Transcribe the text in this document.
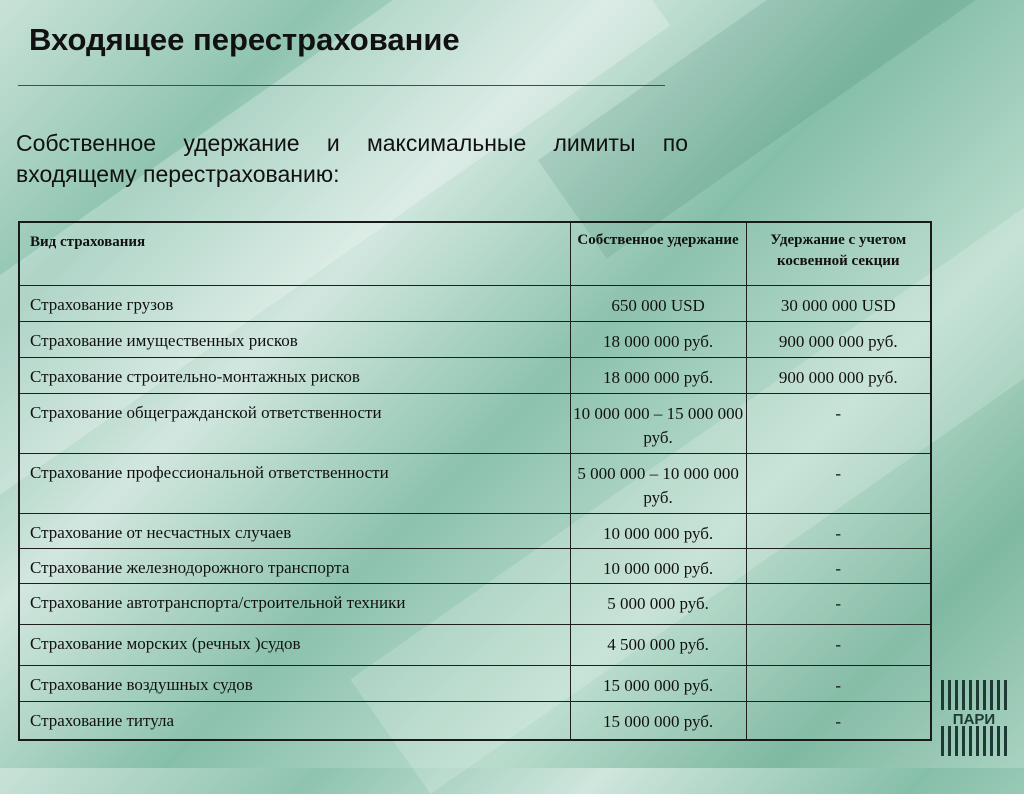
Входящее перестрахование

Собственное удержание и максимальные лимиты по входящему перестрахованию:

Вид страхования	Собственное удержание	Удержание с учетом косвенной секции
Страхование грузов	650 000 USD	30 000 000 USD
Страхование имущественных рисков	18 000 000 руб.	900 000 000 руб.
Страхование строительно-монтажных рисков	18 000 000 руб.	900 000 000 руб.
Страхование общегражданской ответственности	10 000 000 – 15 000 000 руб.	-
Страхование профессиональной ответственности	5 000 000 – 10 000 000 руб.	-
Страхование от несчастных случаев	10 000 000 руб.	-
Страхование железнодорожного транспорта	10 000 000 руб.	-
Страхование автотранспорта/строительной техники	5 000 000 руб.	-
Страхование морских (речных )судов	4 500 000 руб.	-
Страхование воздушных судов	15 000 000 руб.	-
Страхование титула	15 000 000 руб.	-	ПАРИ
